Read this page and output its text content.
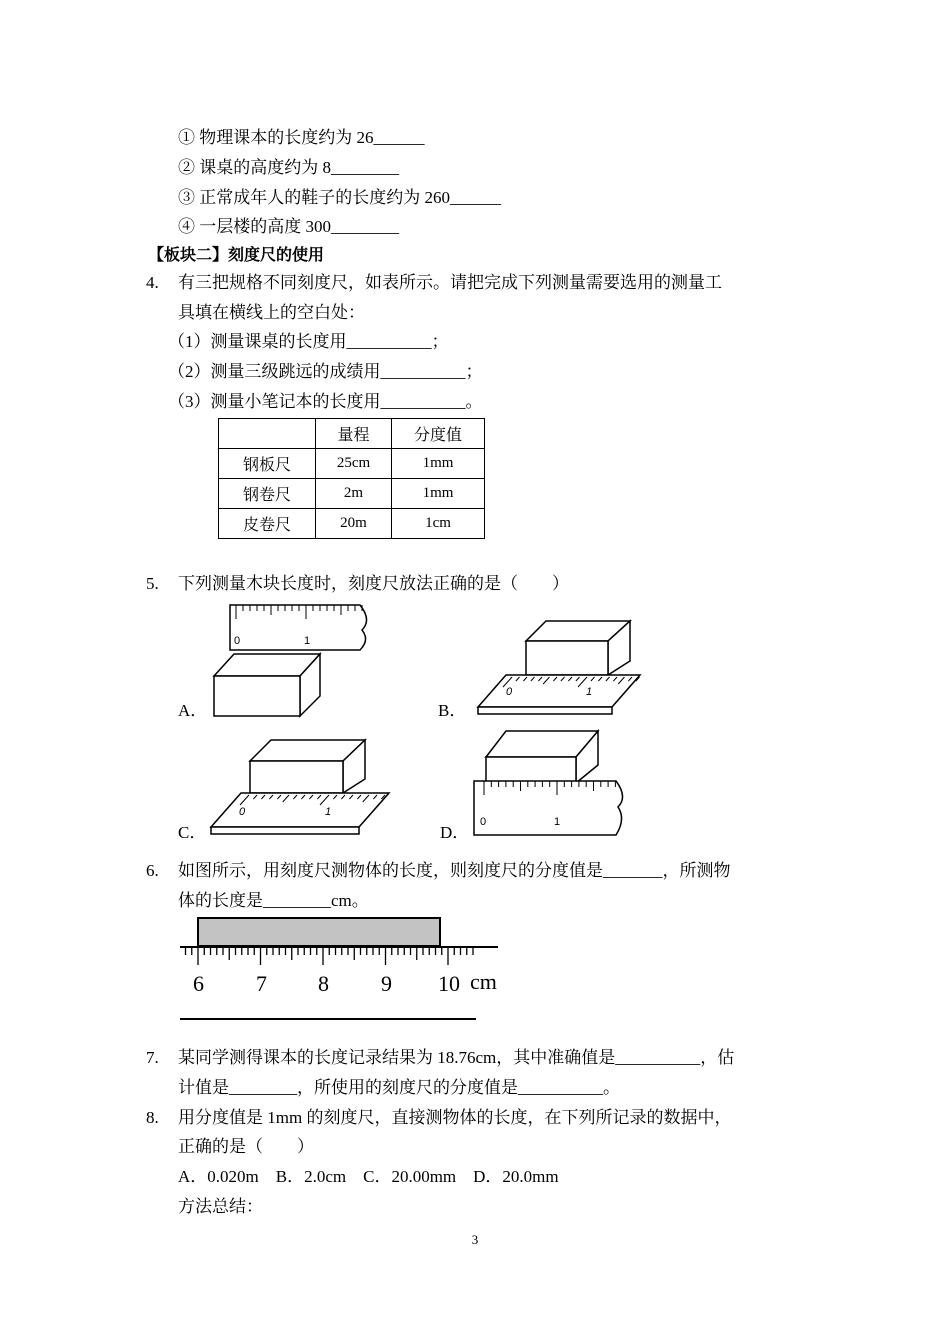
① 物理课本的长度约为 26______
② 课桌的高度约为 8________
③ 正常成年人的鞋子的长度约为 260______
④ 一层楼的高度 300________
【板块二】刻度尺的使用
4. 有三把规格不同刻度尺，如表所示。请把完成下列测量需要选用的测量工
具填在横线上的空白处：
（1）测量课桌的长度用__________；
（2）测量三级跳远的成绩用__________；
（3）测量小笔记本的长度用__________。
	量程	分度值
钢板尺	25cm	1mm
钢卷尺	2m	1mm
皮卷尺	20m	1cm
5. 下列测量木块长度时，刻度尺放法正确的是（　　）
A．	B．
C．	D．
0	1
0	1
0	1
0	1
6. 如图所示，用刻度尺测物体的长度，则刻度尺的分度值是_______，所测物
体的长度是________cm。
6 7 8 9 10 cm
7. 某同学测得课本的长度记录结果为 18.76cm，其中准确值是__________，估
计值是________，所使用的刻度尺的分度值是__________。
8. 用分度值是 1mm 的刻度尺，直接测物体的长度，在下列所记录的数据中，
正确的是（　　）
A．0.020m　B．2.0cm　C．20.00mm　D．20.0mm
方法总结：
3
